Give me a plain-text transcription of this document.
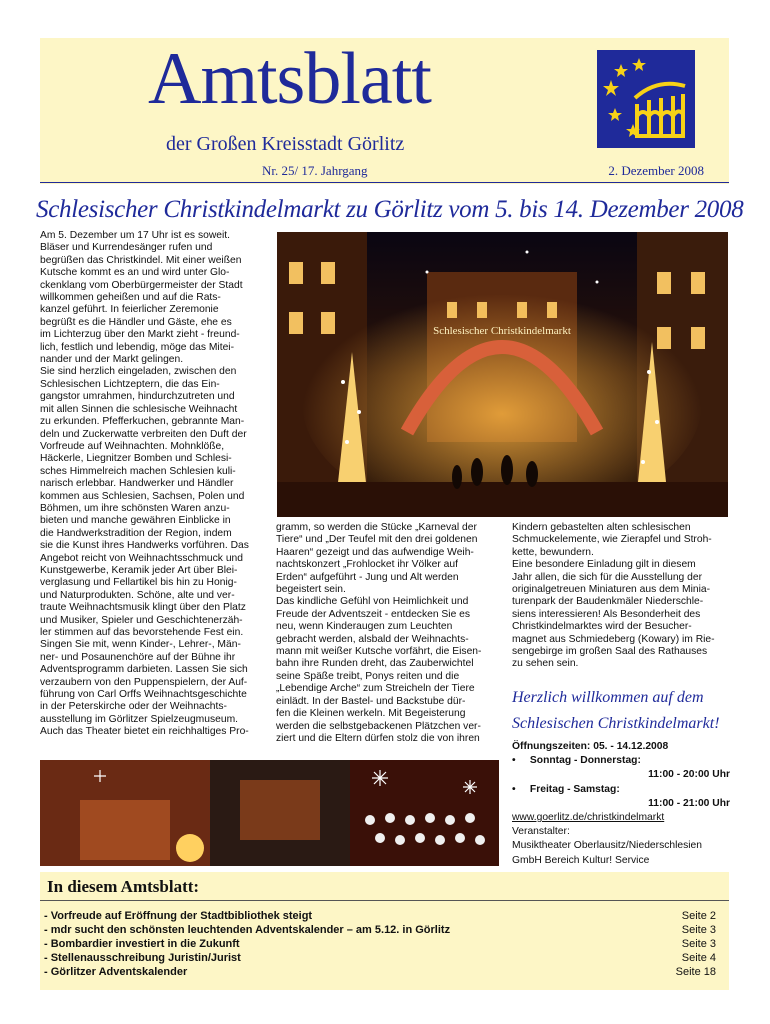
Amtsblatt
der Großen Kreisstadt Görlitz
Nr. 25/ 17. Jahrgang	2. Dezember 2008
Schlesischer Christkindelmarkt zu Görlitz vom 5. bis 14. Dezember 2008
Am 5. Dezember um 17 Uhr ist es soweit.
Bläser und Kurrendesänger rufen und
begrüßen das Christkindel. Mit einer weißen
Kutsche kommt es an und wird unter Glo-
ckenklang vom Oberbürgermeister der Stadt
willkommen geheißen und auf die Rats-
kanzel geführt. In feierlicher Zeremonie
begrüßt es die Händler und Gäste, ehe es
im Lichterzug über den Markt zieht - freund-
lich, festlich und lebendig, möge das Mitei-
nander und der Markt gelingen.
Sie sind herzlich eingeladen, zwischen den
Schlesischen Lichtzeptern, die das Ein-
gangstor umrahmen, hindurchzutreten und
mit allen Sinnen die schlesische Weihnacht
zu erkunden. Pfefferkuchen, gebrannte Man-
deln und Zuckerwatte verbreiten den Duft der
Vorfreude auf Weihnachten. Mohnklöße,
Häckerle, Liegnitzer Bomben und Schlesi-
sches Himmelreich machen Schlesien kuli-
narisch erlebbar. Handwerker und Händler
kommen aus Schlesien, Sachsen, Polen und
Böhmen, um ihre schönsten Waren anzu-
bieten und manche gewähren Einblicke in
die Handwerkstradition der Region, indem
sie die Kunst ihres Handwerks vorführen. Das
Angebot reicht von Weihnachtsschmuck und
Kunstgewerbe, Keramik jeder Art über Blei-
verglasung und Fellartikel bis hin zu Honig-
und Naturprodukten. Schöne, alte und ver-
traute Weihnachtsmusik klingt über den Platz
und Musiker, Spieler und Geschichtenerzäh-
ler stimmen auf das bevorstehende Fest ein.
Singen Sie mit, wenn Kinder-, Lehrer-, Män-
ner- und Posaunenchöre auf der Bühne ihr
Adventsprogramm darbieten. Lassen Sie sich
verzaubern von den Puppenspielern, der Auf-
führung von Carl Orffs Weihnachtsgeschichte
in der Peterskirche oder der Weihnachts-
ausstellung im Görlitzer Spielzeugmuseum.
Auch das Theater bietet ein reichhaltiges Pro-
Schlesischer Christkindelmarkt
gramm, so werden die Stücke „Karneval der
Tiere“ und „Der Teufel mit den drei goldenen
Haaren“ gezeigt und das aufwendige Weih-
nachtskonzert „Frohlocket ihr Völker auf
Erden“ aufgeführt - Jung und Alt werden
begeistert sein.
Das kindliche Gefühl von Heimlichkeit und
Freude der Adventszeit - entdecken Sie es
neu, wenn Kinderaugen zum Leuchten
gebracht werden, alsbald der Weihnachts-
mann mit weißer Kutsche vorfährt, die Eisen-
bahn ihre Runden dreht, das Zauberwichtel
seine Späße treibt, Ponys reiten und die
„Lebendige Arche“ zum Streicheln der Tiere
einlädt. In der Bastel- und Backstube dür-
fen die Kleinen werkeln. Mit Begeisterung
werden die selbstgebackenen Plätzchen ver-
ziert und die Eltern dürfen stolz die von ihren
Kindern gebastelten alten schlesischen
Schmuckelemente, wie Zierapfel und Stroh-
kette, bewundern.
Eine besondere Einladung gilt in diesem
Jahr allen, die sich für die Ausstellung der
originalgetreuen Miniaturen aus dem Miniа-
turenpark der Baudenkmäler Niederschle-
siens interessieren! Als Besonderheit des
Christkindelmarktes wird der Besucher-
magnet aus Schmiedeberg (Kowary) im Rie-
sengebirge im großen Saal des Rathauses
zu sehen sein.
Herzlich willkommen auf dem
Schlesischen Christkindelmarkt!
Öffnungszeiten: 05. - 14.12.2008
•     Sonntag - Donnerstag:
11:00 - 20:00 Uhr
•     Freitag - Samstag:
11:00 - 21:00 Uhr
www.goerlitz.de/christkindelmarkt
Veranstalter:
Musiktheater Oberlausitz/Niederschlesien
GmbH Bereich Kultur! Service
In diesem Amtsblatt:
- Vorfreude auf Eröffnung der Stadtbibliothek steigt	Seite 2
- mdr sucht den schönsten leuchtenden Adventskalender – am 5.12. in Görlitz	Seite 3
- Bombardier investiert in die Zukunft	Seite 3
- Stellenausschreibung Juristin/Jurist	Seite 4
- Görlitzer Adventskalender	Seite 18
